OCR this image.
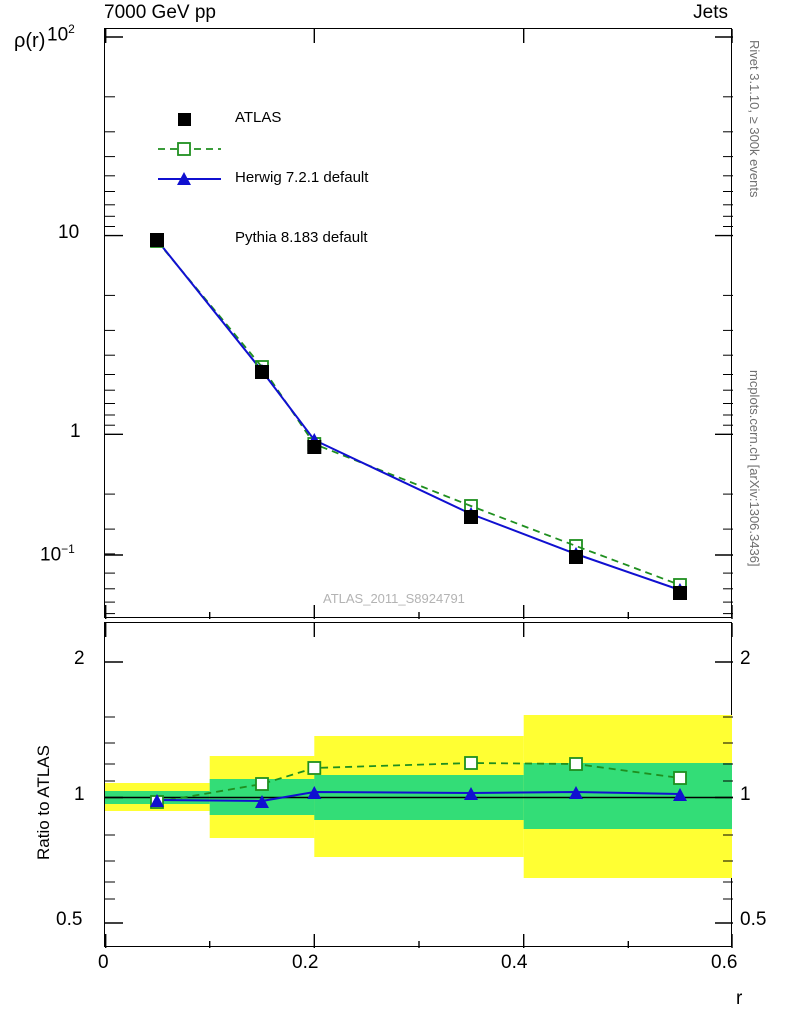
7000 GeV pp	Jets
ρ(r)	Rivet 3.1.10, ≥ 300k events
mcplots.cern.ch [arXiv:1306.3436]
ATLAS
Herwig 7.2.1 default
Pythia 8.183 default
ATLAS_2011_S8924791
$10^2$
10
1
$10^{-1}$
2
1
0.5
2
1
0.5
Ratio to ATLAS
0	0.2	0.4	0.6
r
